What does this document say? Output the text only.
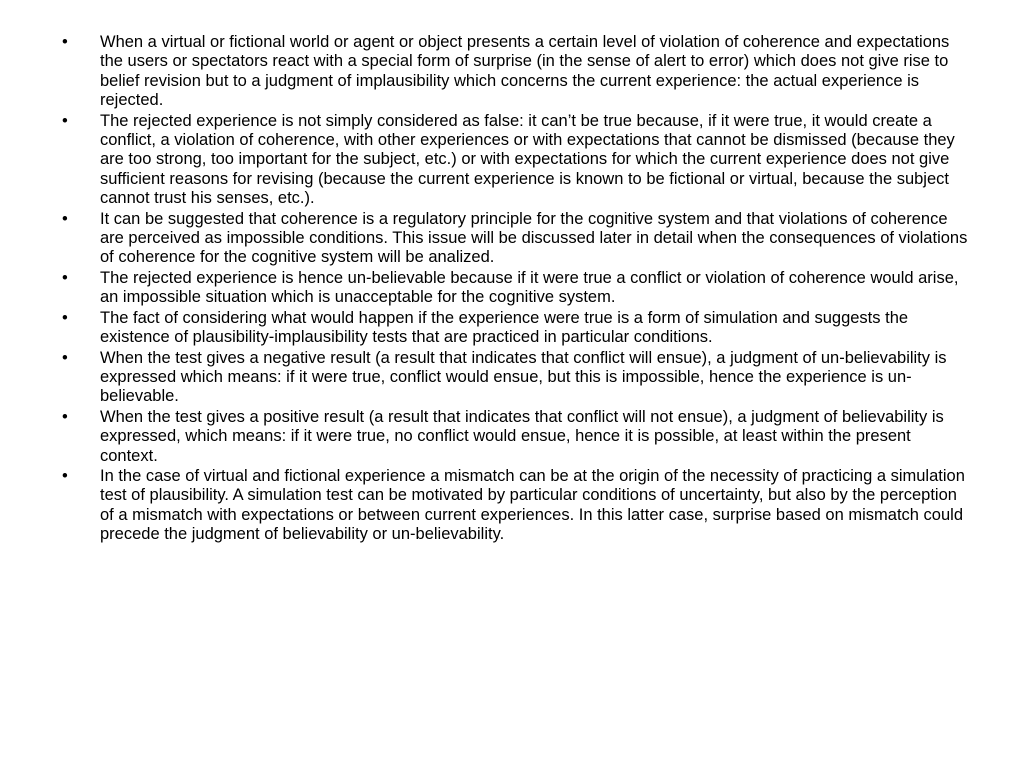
•	When a virtual or fictional world or agent or object presents a certain level of violation of coherence and expectations the users or spectators react with a special form of surprise (in the sense of alert to error) which does not give rise to belief revision but to a judgment of implausibility which concerns the current experience: the actual experience is rejected.
•	The rejected experience is not simply considered as false: it can’t be true because, if it were true, it would create a conflict, a violation of coherence, with other experiences or with expectations that cannot be dismissed (because they are too strong, too important for the subject, etc.) or with expectations for which the current experience does not give sufficient reasons for revising (because the current experience is known to be fictional or virtual, because the subject cannot trust his senses, etc.).
•	It can be suggested that coherence is a regulatory principle for the cognitive system and that violations of coherence are perceived as impossible conditions. This issue will be discussed later in detail when the consequences of violations of coherence for the cognitive system will be analized.
•	The rejected experience is hence un-believable because if it were true a conflict or violation of coherence would arise, an impossible situation which is unacceptable for the cognitive system.
•	The fact of considering what would happen if the experience were true is a form of simulation and suggests the existence of plausibility-implausibility tests that are practiced in particular conditions.
•	When the test gives a negative result (a result that indicates that conflict will ensue), a judgment of un-believability is expressed which means: if it were true, conflict would ensue, but this is impossible, hence the experience is un-believable.
•	When the test gives a positive result (a result that indicates that conflict will not ensue), a judgment of believability is expressed, which means: if it were true, no conflict would ensue, hence it is possible, at least within the present context.
•	In the case of virtual and fictional experience a mismatch can be at the origin of the necessity of practicing a simulation test of plausibility. A simulation test can be motivated by particular conditions of uncertainty, but also by the perception of a mismatch with expectations or between current experiences. In this latter case, surprise based on mismatch could precede the judgment of believability or un-believability.
